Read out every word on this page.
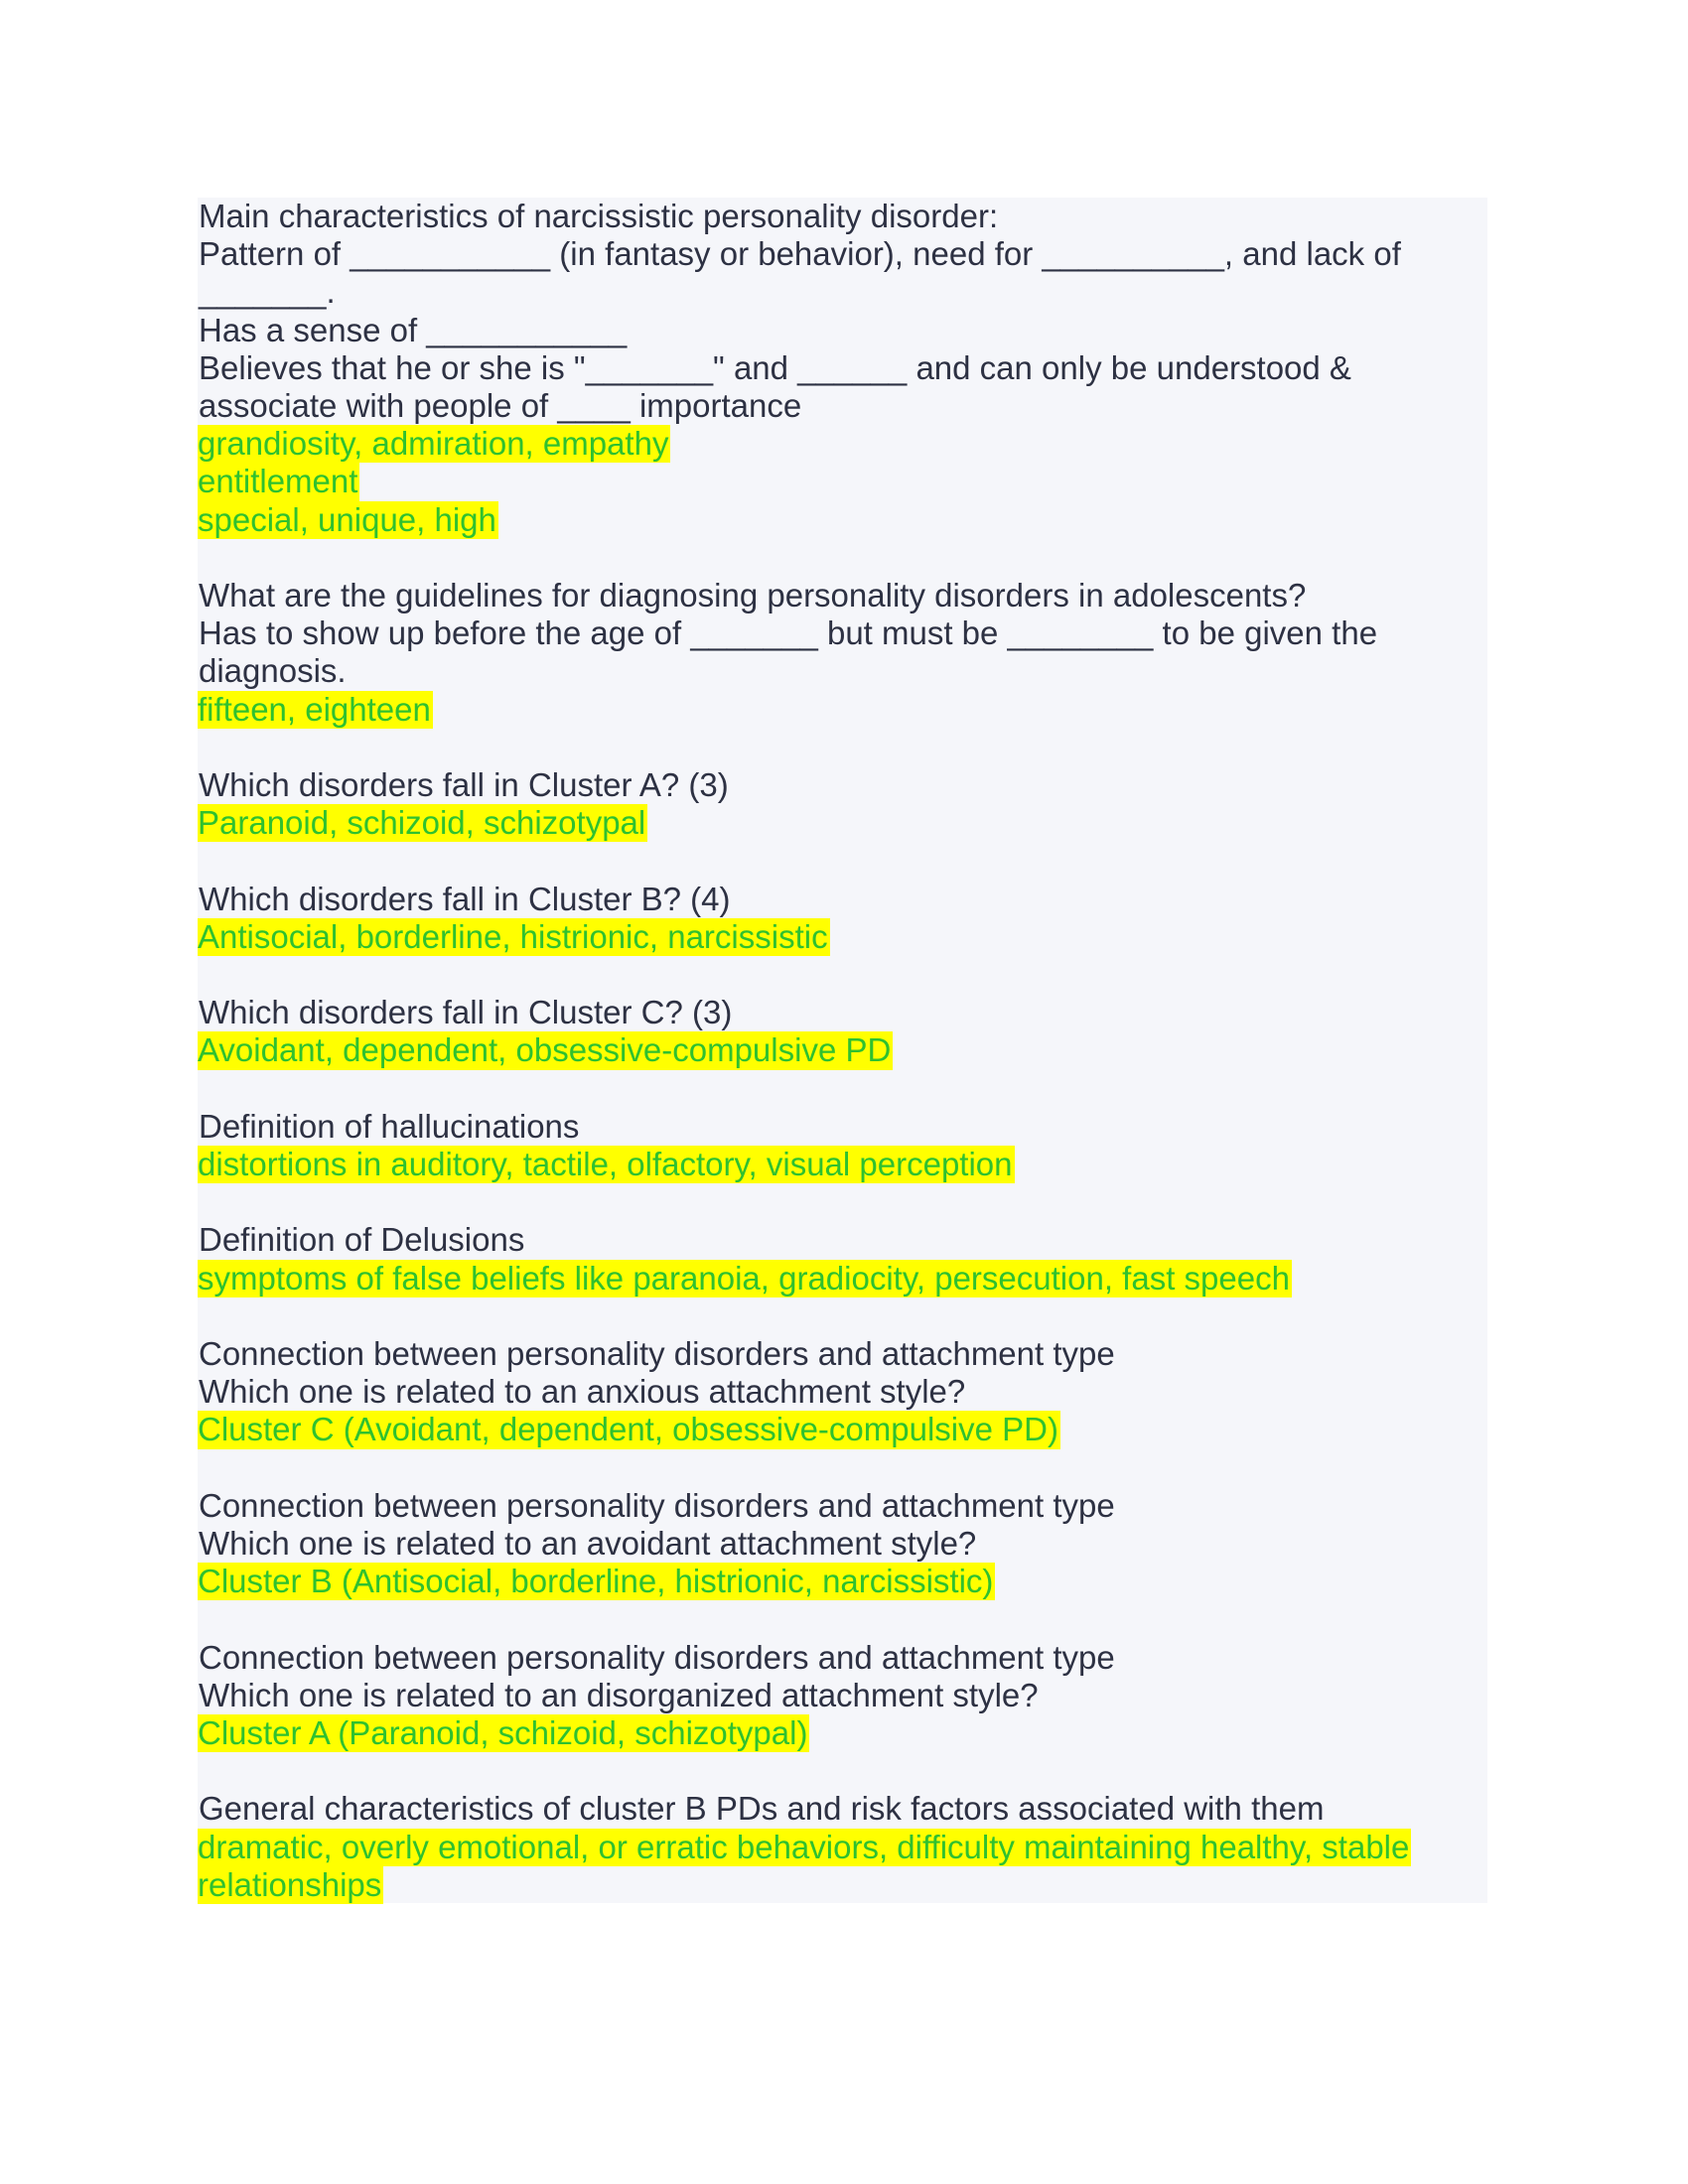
Main characteristics of narcissistic personality disorder:
Pattern of ___________ (in fantasy or behavior), need for __________, and lack of
_______.
Has a sense of ___________
Believes that he or she is "_______" and ______ and can only be understood &
associate with people of ____ importance
grandiosity, admiration, empathy
entitlement
special, unique, high
What are the guidelines for diagnosing personality disorders in adolescents?
Has to show up before the age of _______ but must be ________ to be given the
diagnosis.
fifteen, eighteen
Which disorders fall in Cluster A? (3)
Paranoid, schizoid, schizotypal
Which disorders fall in Cluster B? (4)
Antisocial, borderline, histrionic, narcissistic
Which disorders fall in Cluster C? (3)
Avoidant, dependent, obsessive-compulsive PD
Definition of hallucinations
distortions in auditory, tactile, olfactory, visual perception
Definition of Delusions
symptoms of false beliefs like paranoia, gradiocity, persecution, fast speech
Connection between personality disorders and attachment type
Which one is related to an anxious attachment style?
Cluster C (Avoidant, dependent, obsessive-compulsive PD)
Connection between personality disorders and attachment type
Which one is related to an avoidant attachment style?
Cluster B (Antisocial, borderline, histrionic, narcissistic)
Connection between personality disorders and attachment type
Which one is related to an disorganized attachment style?
Cluster A (Paranoid, schizoid, schizotypal)
General characteristics of cluster B PDs and risk factors associated with them
dramatic, overly emotional, or erratic behaviors, difficulty maintaining healthy, stable
relationships
